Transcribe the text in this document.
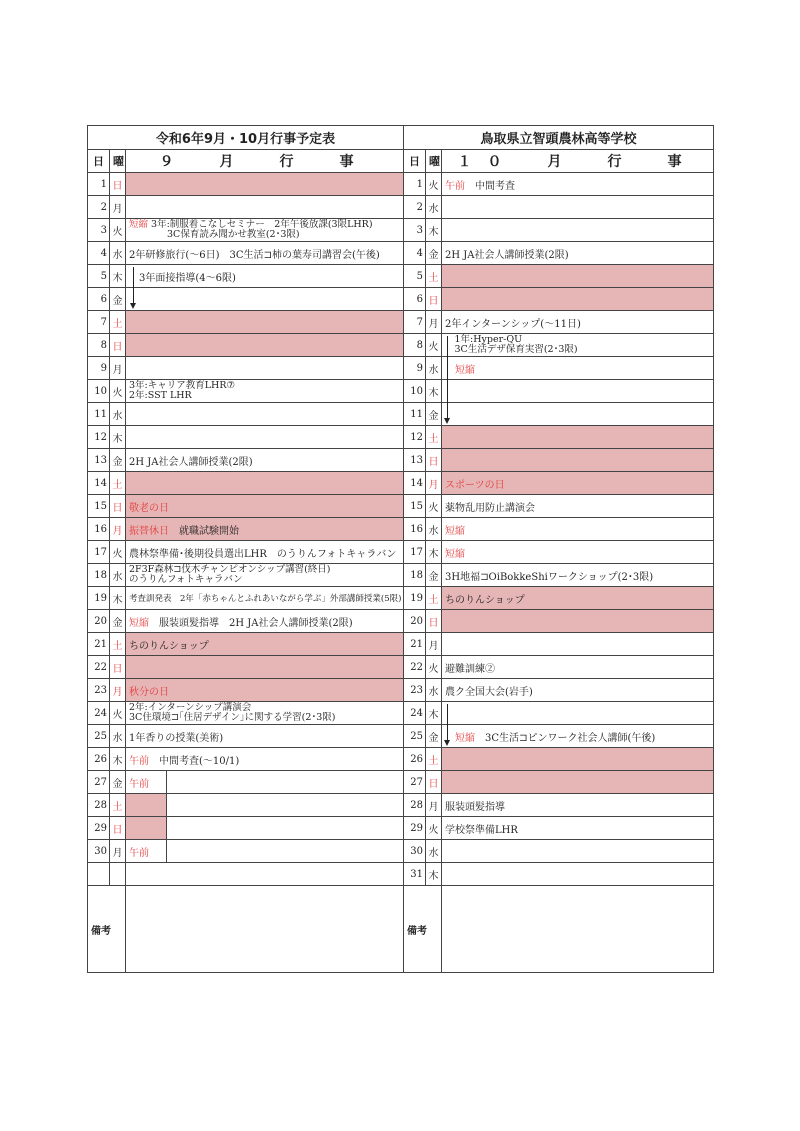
令和6年9月・10月行事予定表			鳥取県立智頭農林高等学校		
日	曜	９　月　行　事	日	曜	１０　月　行　事
1	日		1	火	午前　中間考査
2	月		2	水	
3	火	短縮 3年:制服着こなしセミナー　2年午後放課(3限LHR)
　　　　3C保育読み聞かせ教室(2･3限)	3	木	
4	水	2年研修旅行(～6日)　3C生活⊐柿の葉寿司講習会(午後)	4	金	2H JA社会人講師授業(2限)
5	木	　3年面接指導(4～6限)	5	土	
6	金		6	日	
7	土		7	月	2年インターンシップ(～11日)
8	日		8	火	　1年:Hyper-QU
　3C生活デザ保育実習(2･3限)

9	月		9	水	　短縮
10	火	3年:キャリア教育LHR⑦
2年:SST LHR	10	木	
11	水		11	金	
12	木		12	土	
13	金	2H JA社会人講師授業(2限)	13	日	
14	土		14	月	スポーツの日
15	日	敬老の日	15	火	薬物乱用防止講演会
16	月	振替休日　就職試験開始	16	水	短縮
17	火	農林祭準備･後期役員選出LHR　のうりんフォトキャラバン	17	木	短縮
18	水	2F3F森林⊐伐木チャンピオンシップ講習(終日)
のうりんフォトキャラバン	18	金	3H地福⊐OiBokkeShiワークショップ(2･3限)
19	木	考査訓発表　2年「赤ちゃんとふれあいながら学ぶ」外部講師授業(5限)	19	土	ちのりんショップ
20	金	短縮　服装頭髪指導　2H JA社会人講師授業(2限)	20	日	
21	土	ちのりんショップ	21	月	
22	日		22	火	避難訓練②
23	月	秋分の日	23	水	農ク全国大会(岩手)
24	火	2年:インターンシップ講演会
3C住環境⊐｢住居デザイン｣に関する学習(2･3限)	24	木	
25	水	1年香りの授業(美術)	25	金	　短縮　3C生活⊐ピンワーク社会人講師(午後)
26	木	午前　中間考査(～10/1)	26	土	
27	金	午前	27	日	
28	土		28	月	服装頭髪指導
29	日		29	火	学校祭準備LHR
30	月	午前	30	水	
			31	木	
備考			備考		
